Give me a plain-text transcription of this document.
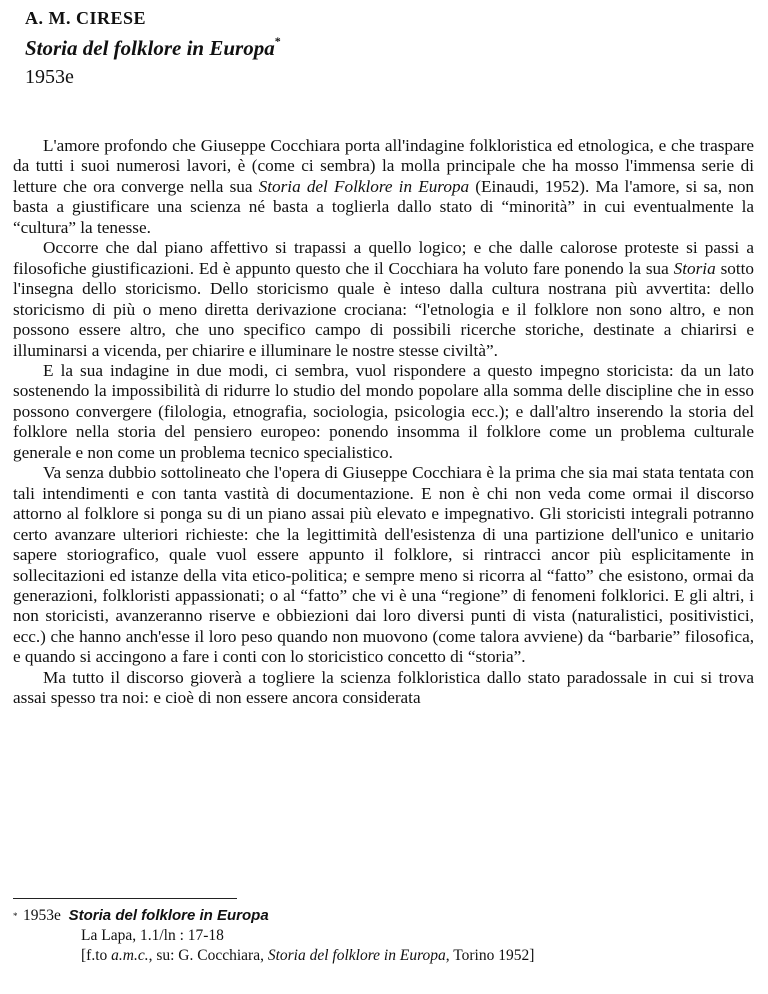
A. M. CIRESE
Storia del folklore in Europa*
1953e

L'amore profondo che Giuseppe Cocchiara porta all'indagine folkloristica ed etnologica, e che traspare da tutti i suoi numerosi lavori, è (come ci sembra) la molla principale che ha mosso l'immensa serie di letture che ora converge nella sua Storia del Folklore in Europa (Einaudi, 1952). Ma l'amore, si sa, non basta a giustificare una scienza né basta a toglierla dallo stato di “minorità” in cui eventualmente la “cultura” la tenesse.

Occorre che dal piano affettivo si trapassi a quello logico; e che dalle calorose proteste si passi a filosofiche giustificazioni. Ed è appunto questo che il Cocchiara ha voluto fare ponendo la sua Storia sotto l'insegna dello storicismo. Dello storicismo quale è inteso dalla cultura nostrana più avvertita: dello storicismo di più o meno diretta derivazione crociana: “l'etnologia e il folklore non sono altro, e non possono essere altro, che uno specifico campo di possibili ricerche storiche, destinate a chiarirsi e illuminarsi a vicenda, per chiarire e illuminare le nostre stesse civiltà”.

E la sua indagine in due modi, ci sembra, vuol rispondere a questo impegno storicista: da un lato sostenendo la impossibilità di ridurre lo studio del mondo popolare alla somma delle discipline che in esso possono convergere (filologia, etnografia, sociologia, psicologia ecc.); e dall'altro inserendo la storia del folklore nella storia del pensiero europeo: ponendo insomma il folklore come un problema culturale generale e non come un problema tecnico specialistico.

Va senza dubbio sottolineato che l'opera di Giuseppe Cocchiara è la prima che sia mai stata tentata con tali intendimenti e con tanta vastità di documentazione. E non è chi non veda come ormai il discorso attorno al folklore si ponga su di un piano assai più elevato e impegnativo. Gli storicisti integrali potranno certo avanzare ulteriori richieste: che la legittimità dell'esistenza di una partizione dell'unico e unitario sapere storiografico, quale vuol essere appunto il folklore, si rintracci ancor più esplicitamente in sollecitazioni ed istanze della vita etico-politica; e sempre meno si ricorra al “fatto” che esistono, ormai da generazioni, folkloristi appassionati; o al “fatto” che vi è una “regione” di fenomeni folklorici. E gli altri, i non storicisti, avanzeranno riserve e obbiezioni dai loro diversi punti di vista (naturalistici, positivistici, ecc.) che hanno anch'esse il loro peso quando non muovono (come talora avviene) da “barbarie” filosofica, e quando si accingono a fare i conti con lo storicistico concetto di “storia”.

Ma tutto il discorso gioverà a togliere la scienza folkloristica dallo stato paradossale in cui si trova assai spesso tra noi: e cioè di non essere ancora considerata

* 1953e Storia del folklore in Europa
La Lapa, 1.1/ln : 17-18
[f.to a.m.c., su: G. Cocchiara, Storia del folklore in Europa, Torino 1952]
